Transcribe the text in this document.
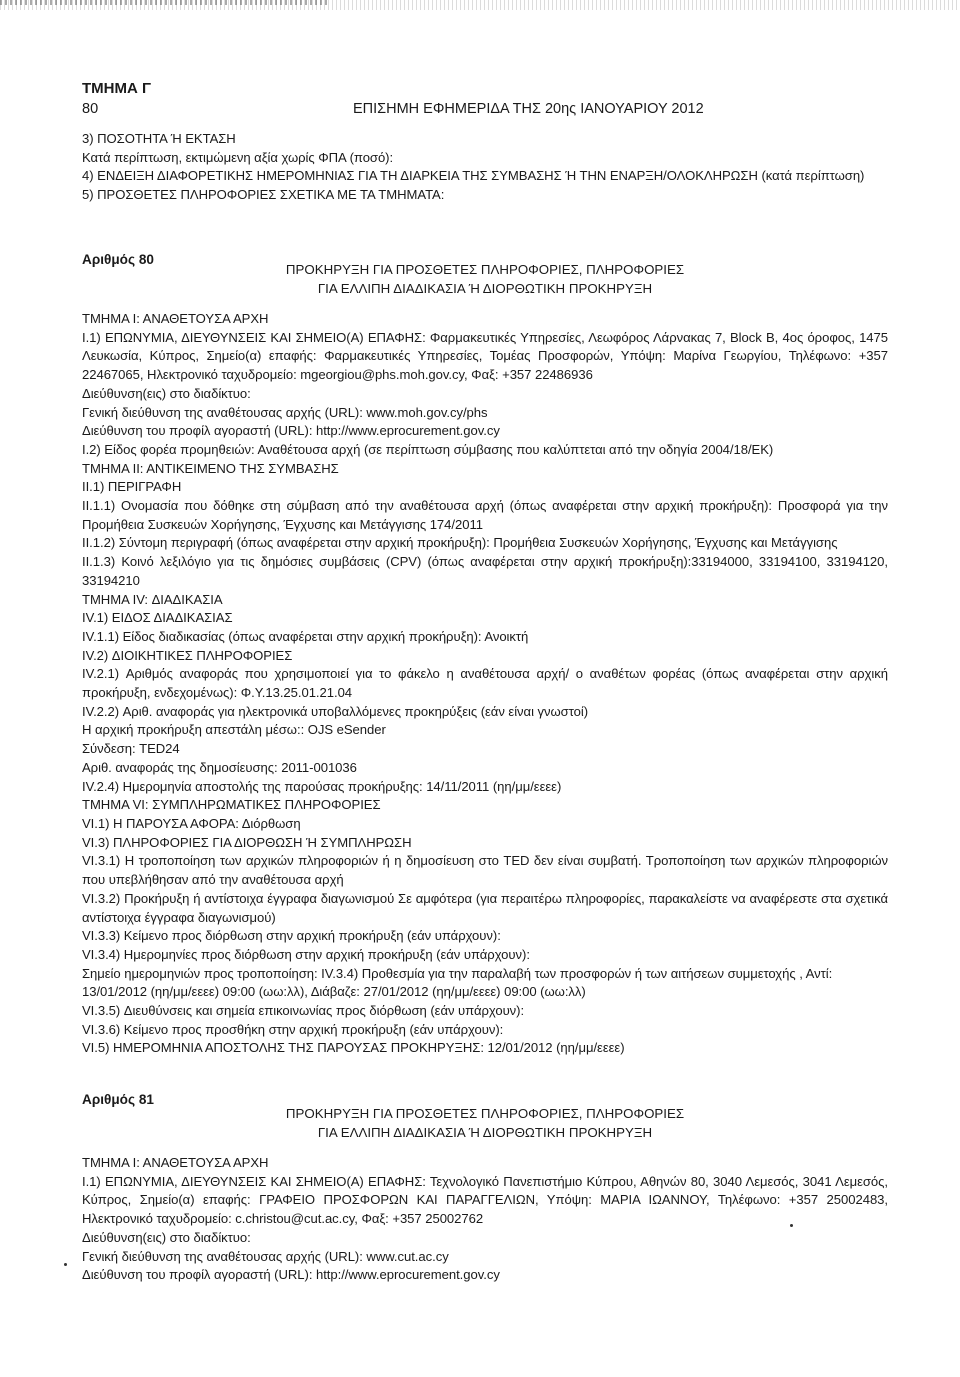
ΤΜΗΜΑ Γ
80	ΕΠΙΣΗΜΗ ΕΦΗΜΕΡΙΔΑ ΤΗΣ 20ης ΙΑΝΟΥΑΡΙΟΥ 2012
3) ΠΟΣΟΤΗΤΑ Ή ΕΚΤΑΣΗ
Κατά περίπτωση, εκτιμώμενη αξία χωρίς ΦΠΑ (ποσό):
4) ΕΝΔΕΙΞΗ ΔΙΑΦΟΡΕΤΙΚΗΣ ΗΜΕΡΟΜΗΝΙΑΣ ΓΙΑ ΤΗ ΔΙΑΡΚΕΙΑ ΤΗΣ ΣΥΜΒΑΣΗΣ Ή ΤΗΝ ΕΝΑΡΞΗ/ΟΛΟΚΛΗΡΩΣΗ (κατά περίπτωση)
5) ΠΡΟΣΘΕΤΕΣ ΠΛΗΡΟΦΟΡΙΕΣ ΣΧΕΤΙΚΑ ΜΕ ΤΑ ΤΜΗΜΑΤΑ:
Αριθμός 80
ΠΡΟΚΗΡΥΞΗ ΓΙΑ ΠΡΟΣΘΕΤΕΣ ΠΛΗΡΟΦΟΡΙΕΣ, ΠΛΗΡΟΦΟΡΙΕΣ
ΓΙΑ ΕΛΛΙΠΗ ΔΙΑΔΙΚΑΣΙΑ Ή ΔΙΟΡΘΩΤΙΚΗ ΠΡΟΚΗΡΥΞΗ
ΤΜΗΜΑ Ι: ΑΝΑΘΕΤΟΥΣΑ ΑΡΧΗ
Ι.1) ΕΠΩΝΥΜΙΑ, ΔΙΕΥΘΥΝΣΕΙΣ ΚΑΙ ΣΗΜΕΙΟ(Α) ΕΠΑΦΗΣ: Φαρμακευτικές Υπηρεσίες, Λεωφόρος Λάρνακας 7, Block B, 4ος όροφος, 1475 Λευκωσία, Κύπρος, Σημείο(α) επαφής: Φαρμακευτικές Υπηρεσίες, Τομέας Προσφορών, Υπόψη: Μαρίνα Γεωργίου, Τηλέφωνο: +357 22467065, Ηλεκτρονικό ταχυδρομείο: mgeorgiou@phs.moh.gov.cy, Φαξ: +357 22486936
Διεύθυνση(εις) στο διαδίκτυο:
Γενική διεύθυνση της αναθέτουσας αρχής (URL): www.moh.gov.cy/phs
Διεύθυνση του προφίλ αγοραστή (URL): http://www.eprocurement.gov.cy
Ι.2) Είδος φορέα προμηθειών: Αναθέτουσα αρχή (σε περίπτωση σύμβασης που καλύπτεται από την οδηγία 2004/18/ΕΚ)
ΤΜΗΜΑ ΙΙ: ΑΝΤΙΚΕΙΜΕΝΟ ΤΗΣ ΣΥΜΒΑΣΗΣ
ΙΙ.1) ΠΕΡΙΓΡΑΦΗ
ΙΙ.1.1) Ονομασία που δόθηκε στη σύμβαση από την αναθέτουσα αρχή (όπως αναφέρεται στην αρχική προκήρυξη): Προσφορά για την Προμήθεια Συσκευών Χορήγησης, Έγχυσης και Μετάγγισης 174/2011
ΙΙ.1.2) Σύντομη περιγραφή (όπως αναφέρεται στην αρχική προκήρυξη): Προμήθεια Συσκευών Χορήγησης, Έγχυσης και Μετάγγισης
ΙΙ.1.3) Κοινό λεξιλόγιο για τις δημόσιες συμβάσεις (CPV) (όπως αναφέρεται στην αρχική προκήρυξη):33194000, 33194100, 33194120, 33194210
ΤΜΗΜΑ IV: ΔΙΑΔΙΚΑΣΙΑ
IV.1) ΕΙΔΟΣ ΔΙΑΔΙΚΑΣΙΑΣ
IV.1.1) Είδος διαδικασίας (όπως αναφέρεται στην αρχική προκήρυξη): Ανοικτή
IV.2) ΔΙΟΙΚΗΤΙΚΕΣ ΠΛΗΡΟΦΟΡΙΕΣ
IV.2.1) Αριθμός αναφοράς που χρησιμοποιεί για το φάκελο η αναθέτουσα αρχή/ ο αναθέτων φορέας (όπως αναφέρεται στην αρχική προκήρυξη, ενδεχομένως): Φ.Υ.13.25.01.21.04
IV.2.2) Αριθ. αναφοράς για ηλεκτρονικά υποβαλλόμενες προκηρύξεις (εάν είναι γνωστοί)
Η αρχική προκήρυξη απεστάλη μέσω:: OJS eSender
Σύνδεση: TED24
Αριθ. αναφοράς της δημοσίευσης: 2011-001036
IV.2.4) Ημερομηνία αποστολής της παρούσας προκήρυξης: 14/11/2011 (ηη/μμ/εεεε)
ΤΜΗΜΑ VI: ΣΥΜΠΛΗΡΩΜΑΤΙΚΕΣ ΠΛΗΡΟΦΟΡΙΕΣ
VI.1) Η ΠΑΡΟΥΣΑ ΑΦΟΡΑ: Διόρθωση
VI.3) ΠΛΗΡΟΦΟΡΙΕΣ ΓΙΑ ΔΙΟΡΘΩΣΗ Ή ΣΥΜΠΛΗΡΩΣΗ
VI.3.1) Η τροποποίηση των αρχικών πληροφοριών ή η δημοσίευση στο TED δεν είναι συμβατή. Τροποποίηση των αρχικών πληροφοριών που υπεβλήθησαν από την αναθέτουσα αρχή
VI.3.2) Προκήρυξη ή αντίστοιχα έγγραφα διαγωνισμού Σε αμφότερα (για περαιτέρω πληροφορίες, παρακαλείστε να αναφέρεστε στα σχετικά αντίστοιχα έγγραφα διαγωνισμού)
VI.3.3) Κείμενο προς διόρθωση στην αρχική προκήρυξη (εάν υπάρχουν):
VI.3.4) Ημερομηνίες προς διόρθωση στην αρχική προκήρυξη (εάν υπάρχουν):
Σημείο ημερομηνιών προς τροποποίηση: IV.3.4) Προθεσμία για την παραλαβή των προσφορών ή των αιτήσεων συμμετοχής , Αντί: 13/01/2012 (ηη/μμ/εεεε) 09:00 (ωω:λλ), Διάβαζε: 27/01/2012 (ηη/μμ/εεεε) 09:00 (ωω:λλ)
VI.3.5) Διευθύνσεις και σημεία επικοινωνίας προς διόρθωση (εάν υπάρχουν):
VI.3.6) Κείμενο προς προσθήκη στην αρχική προκήρυξη (εάν υπάρχουν):
VI.5) ΗΜΕΡΟΜΗΝΙΑ ΑΠΟΣΤΟΛΗΣ ΤΗΣ ΠΑΡΟΥΣΑΣ ΠΡΟΚΗΡΥΞΗΣ: 12/01/2012 (ηη/μμ/εεεε)
Αριθμός 81
ΠΡΟΚΗΡΥΞΗ ΓΙΑ ΠΡΟΣΘΕΤΕΣ ΠΛΗΡΟΦΟΡΙΕΣ, ΠΛΗΡΟΦΟΡΙΕΣ
ΓΙΑ ΕΛΛΙΠΗ ΔΙΑΔΙΚΑΣΙΑ Ή ΔΙΟΡΘΩΤΙΚΗ ΠΡΟΚΗΡΥΞΗ
ΤΜΗΜΑ Ι: ΑΝΑΘΕΤΟΥΣΑ ΑΡΧΗ
Ι.1) ΕΠΩΝΥΜΙΑ, ΔΙΕΥΘΥΝΣΕΙΣ ΚΑΙ ΣΗΜΕΙΟ(Α) ΕΠΑΦΗΣ: Τεχνολογικό Πανεπιστήμιο Κύπρου, Αθηνών 80, 3040 Λεμεσός, 3041 Λεμεσός, Κύπρος, Σημείο(α) επαφής: ΓΡΑΦΕΙΟ ΠΡΟΣΦΟΡΩΝ ΚΑΙ ΠΑΡΑΓΓΕΛΙΩΝ, Υπόψη: ΜΑΡΙΑ ΙΩΑΝΝΟΥ, Τηλέφωνο: +357 25002483, Ηλεκτρονικό ταχυδρομείο: c.christou@cut.ac.cy, Φαξ: +357 25002762
Διεύθυνση(εις) στο διαδίκτυο:
Γενική διεύθυνση της αναθέτουσας αρχής (URL): www.cut.ac.cy
Διεύθυνση του προφίλ αγοραστή (URL): http://www.eprocurement.gov.cy
